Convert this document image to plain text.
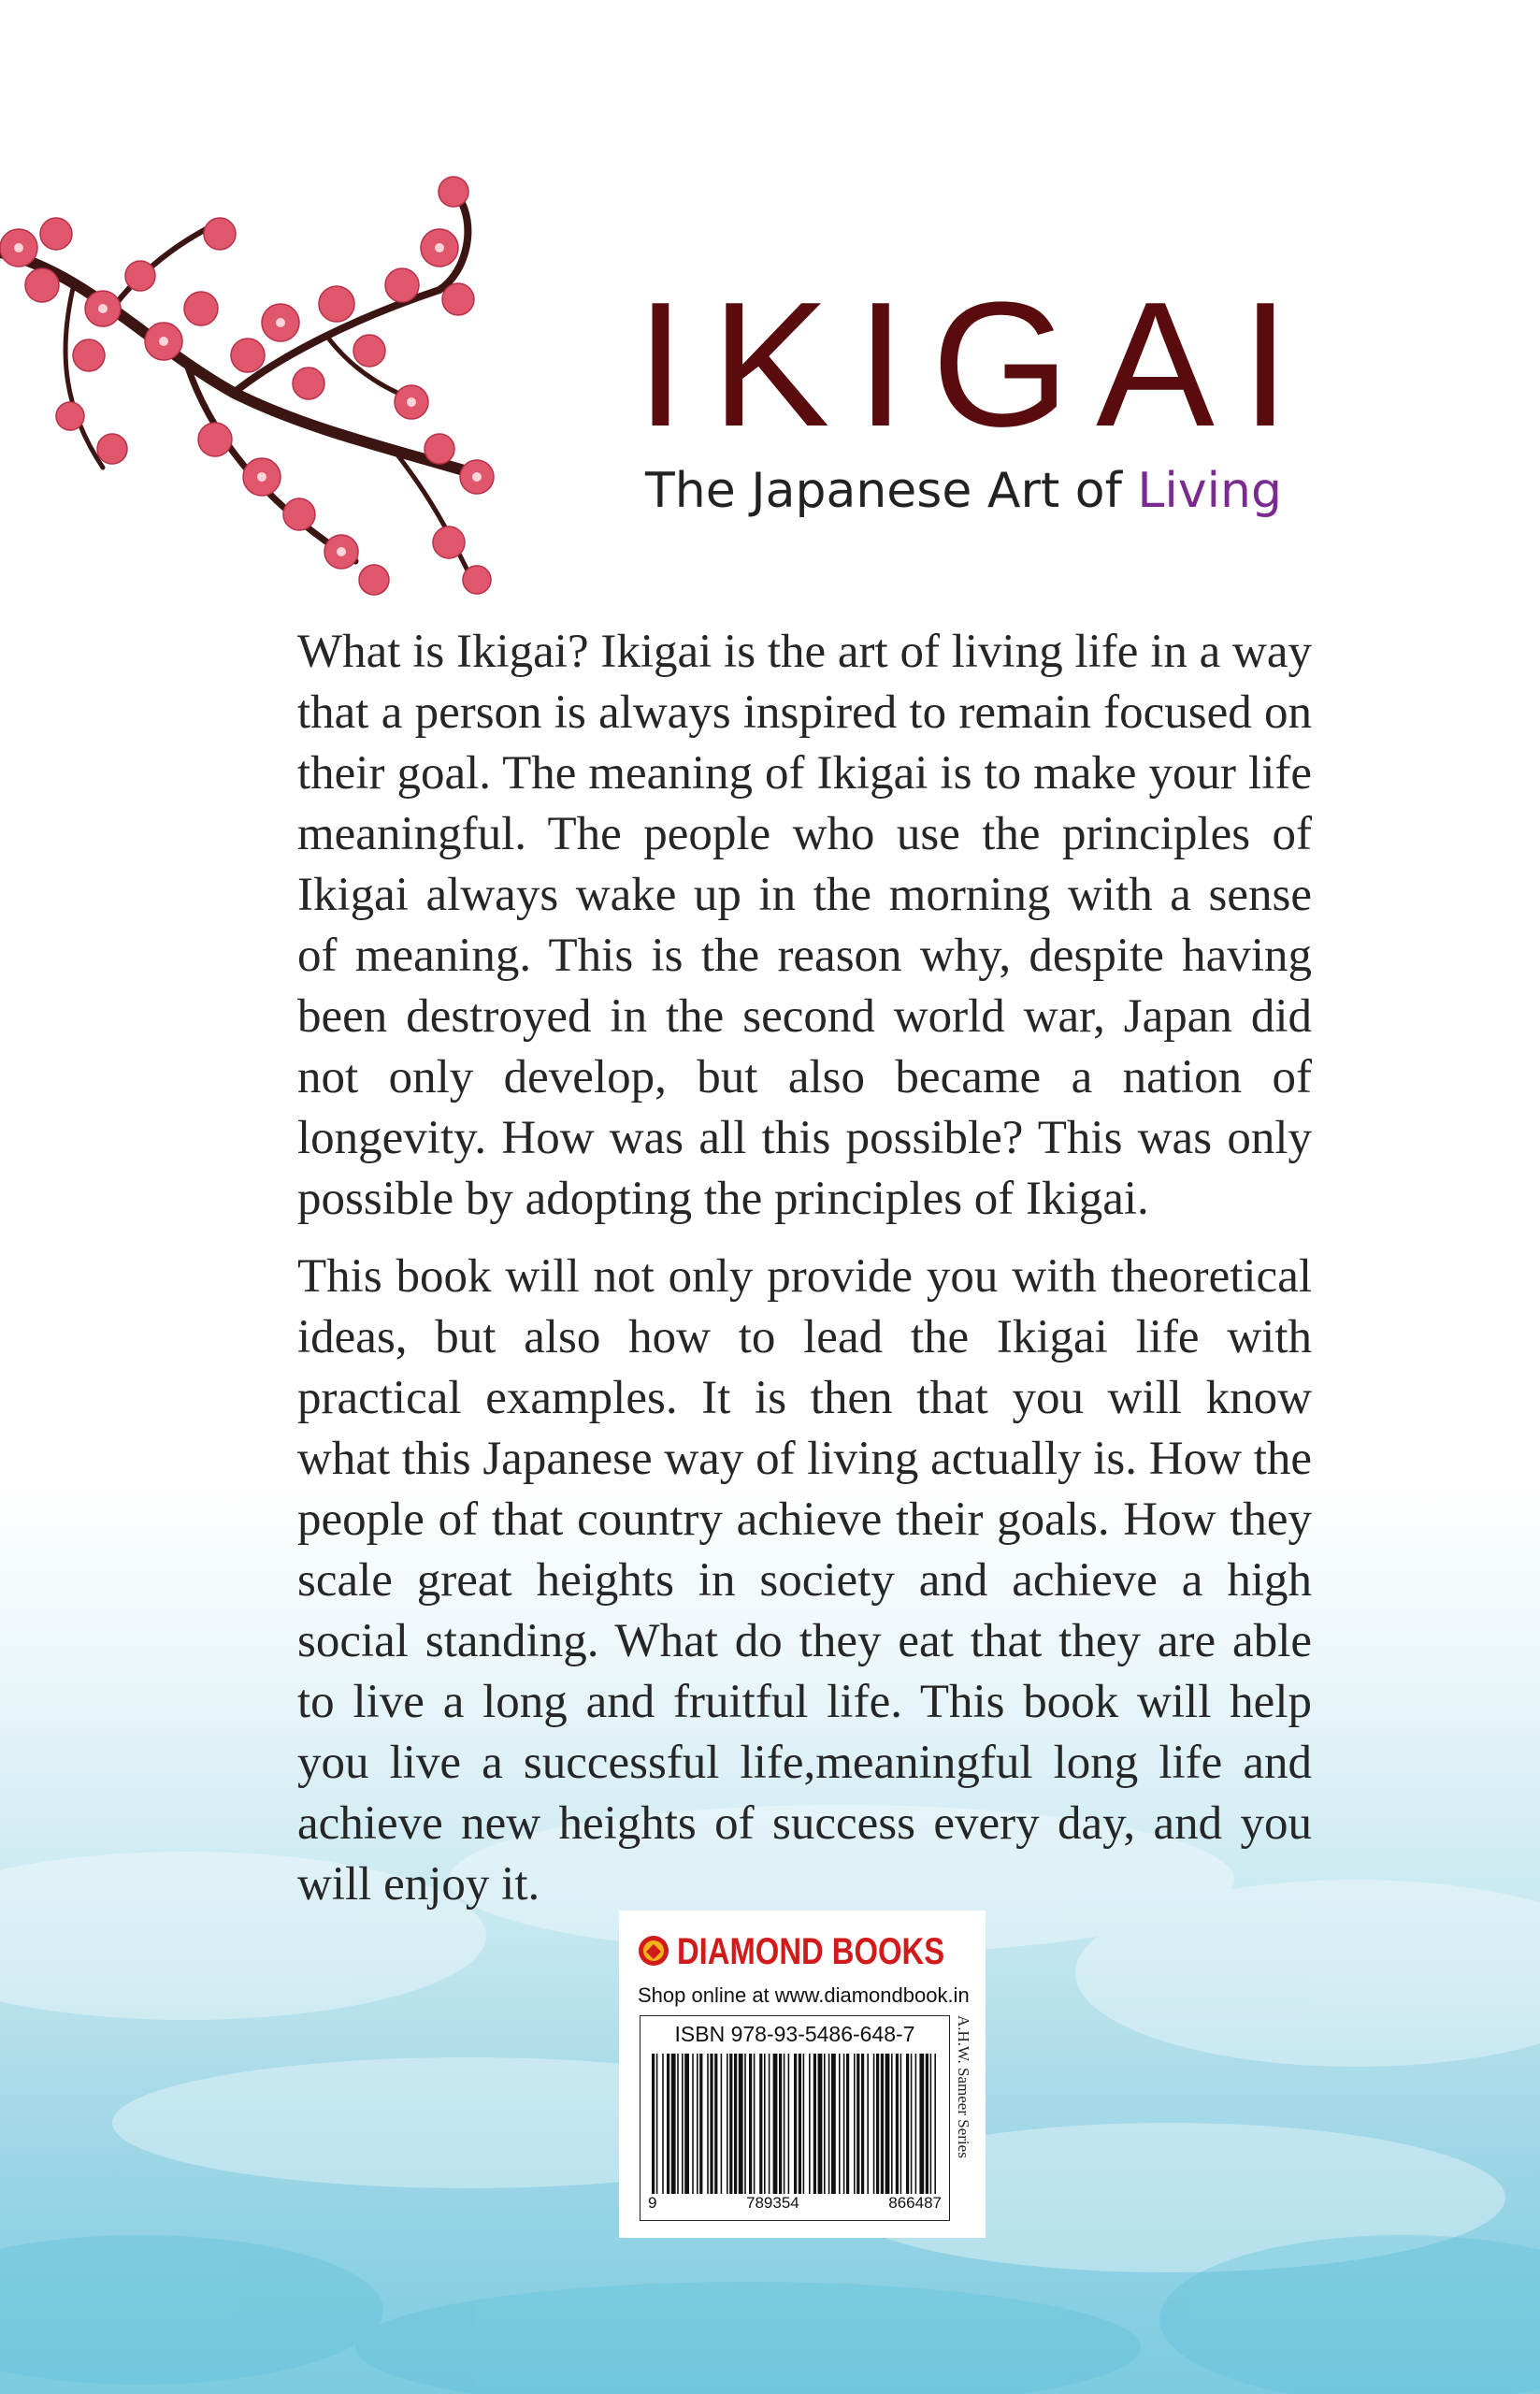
IKIGAI
The Japanese Art of Living

What is Ikigai? Ikigai is the art of living life in a way that a person is always inspired to remain focused on their goal. The meaning of Ikigai is to make your life meaningful. The people who use the principles of Ikigai always wake up in the morning with a sense of meaning. This is the reason why, despite having been destroyed in the second world war, Japan did not only develop, but also became a nation of longevity. How was all this possible? This was only possible by adopting the principles of Ikigai.

This book will not only provide you with theoretical ideas, but also how to lead the Ikigai life with practical examples. It is then that you will know what this Japanese way of living actually is. How the people of that country achieve their goals. How they scale great heights in society and achieve a high social standing. What do they eat that they are able to live a long and fruitful life. This book will help you live a successful life,meaningful long life and achieve new heights of success every day, and you will enjoy it.

DIAMOND BOOKS
Shop online at www.diamondbook.in
ISBN 978-93-5486-648-7
9	789354	866487
A.H.W. Sameer Series
